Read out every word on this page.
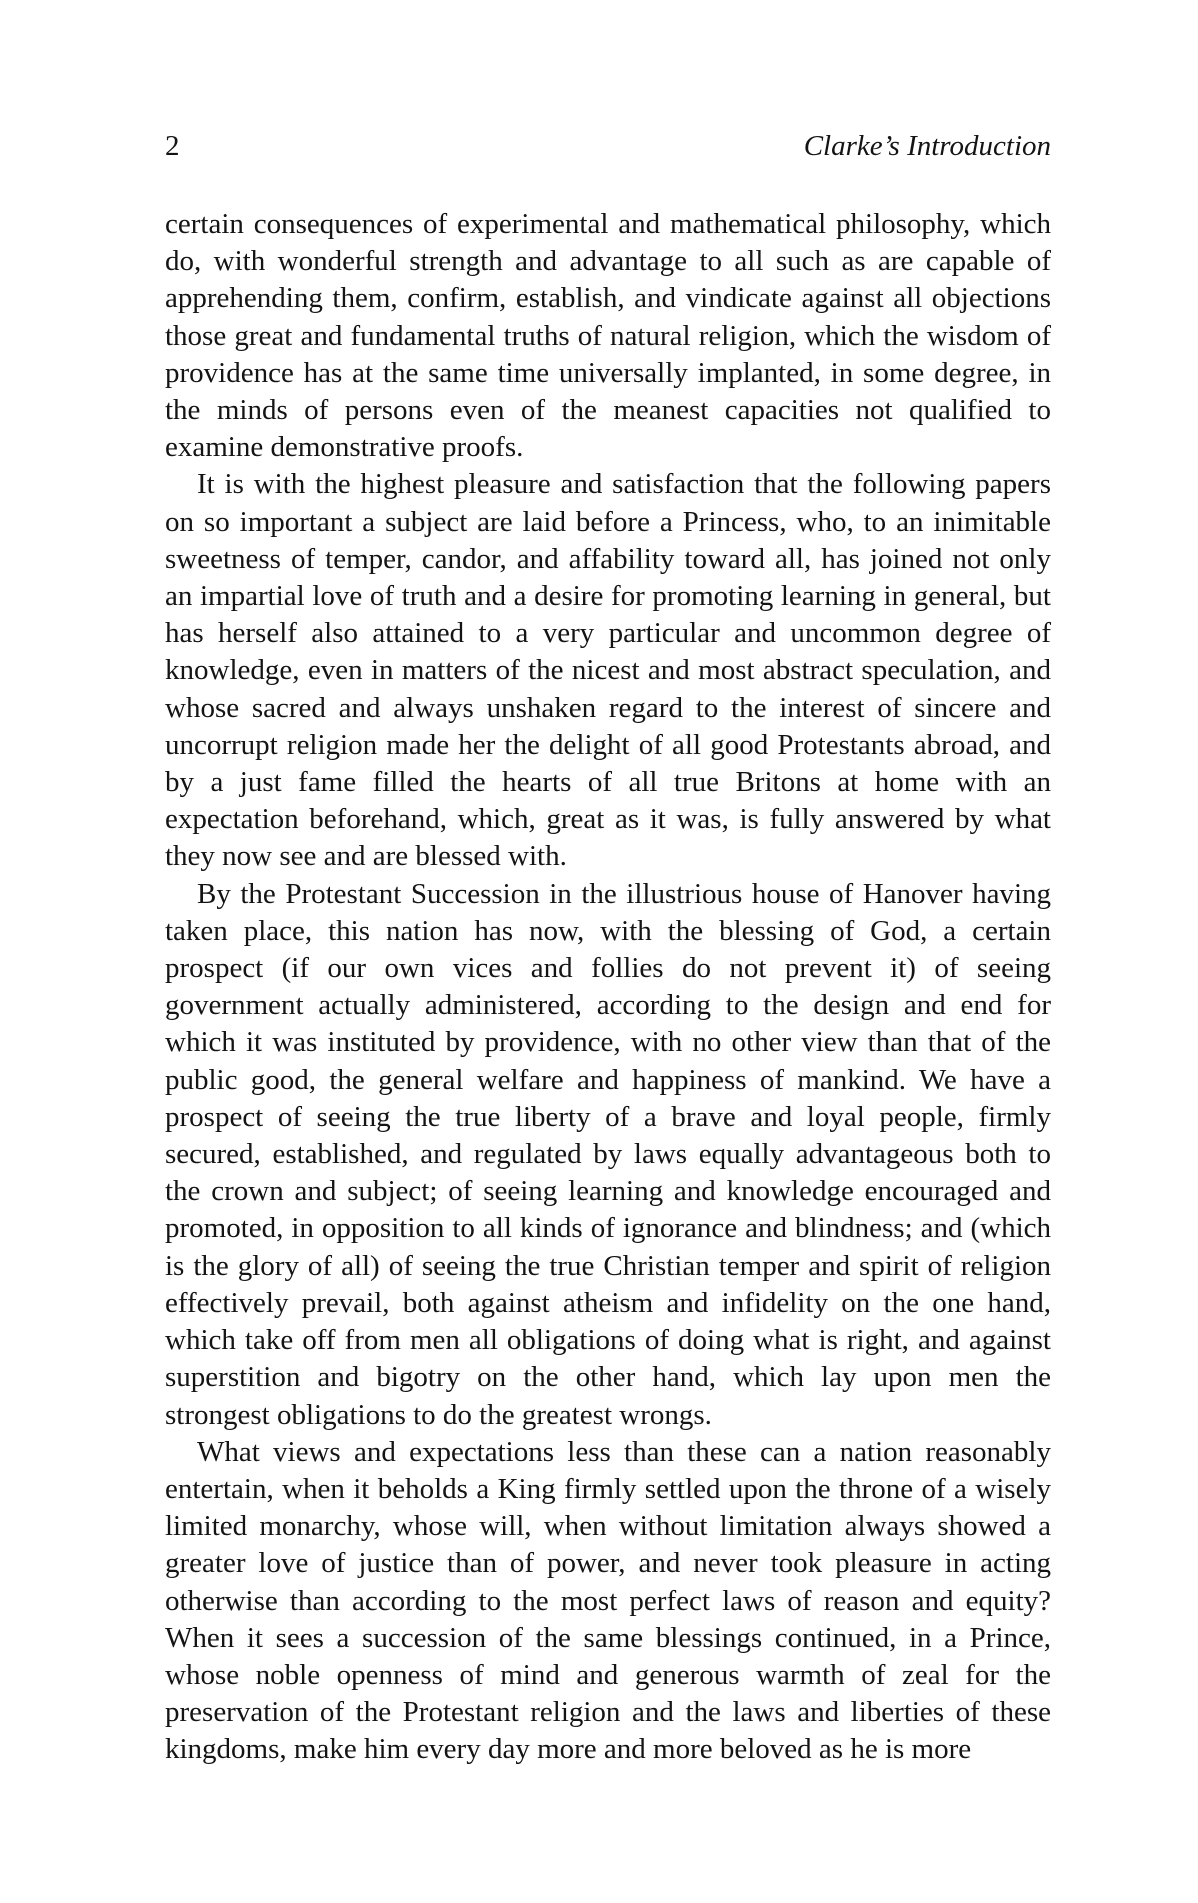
2	Clarke’s Introduction

certain consequences of experimental and mathematical philosophy, which do, with wonderful strength and advantage to all such as are capable of apprehending them, confirm, establish, and vindicate against all objections those great and fundamental truths of natural religion, which the wisdom of providence has at the same time universally implanted, in some degree, in the minds of persons even of the meanest capacities not qualified to examine demonstrative proofs.

It is with the highest pleasure and satisfaction that the following papers on so important a subject are laid before a Princess, who, to an inimitable sweetness of temper, candor, and affability toward all, has joined not only an impartial love of truth and a desire for promoting learning in general, but has herself also attained to a very particular and uncommon degree of knowledge, even in matters of the nicest and most abstract speculation, and whose sacred and always unshaken regard to the interest of sincere and uncorrupt religion made her the delight of all good Protestants abroad, and by a just fame filled the hearts of all true Britons at home with an expectation beforehand, which, great as it was, is fully answered by what they now see and are blessed with.

By the Protestant Succession in the illustrious house of Hanover having taken place, this nation has now, with the blessing of God, a certain prospect (if our own vices and follies do not prevent it) of seeing government actually administered, according to the design and end for which it was instituted by providence, with no other view than that of the public good, the general welfare and happiness of mankind. We have a prospect of seeing the true liberty of a brave and loyal people, firmly secured, established, and regulated by laws equally advantageous both to the crown and subject; of seeing learning and knowledge encouraged and promoted, in opposition to all kinds of ignorance and blindness; and (which is the glory of all) of seeing the true Christian temper and spirit of religion effectively prevail, both against atheism and infidelity on the one hand, which take off from men all obligations of doing what is right, and against superstition and bigotry on the other hand, which lay upon men the strongest obligations to do the greatest wrongs.

What views and expectations less than these can a nation reasonably entertain, when it beholds a King firmly settled upon the throne of a wisely limited monarchy, whose will, when without limitation always showed a greater love of justice than of power, and never took pleasure in acting otherwise than according to the most perfect laws of reason and equity? When it sees a succession of the same blessings continued, in a Prince, whose noble openness of mind and generous warmth of zeal for the preservation of the Protestant religion and the laws and liberties of these kingdoms, make him every day more and more beloved as he is more
